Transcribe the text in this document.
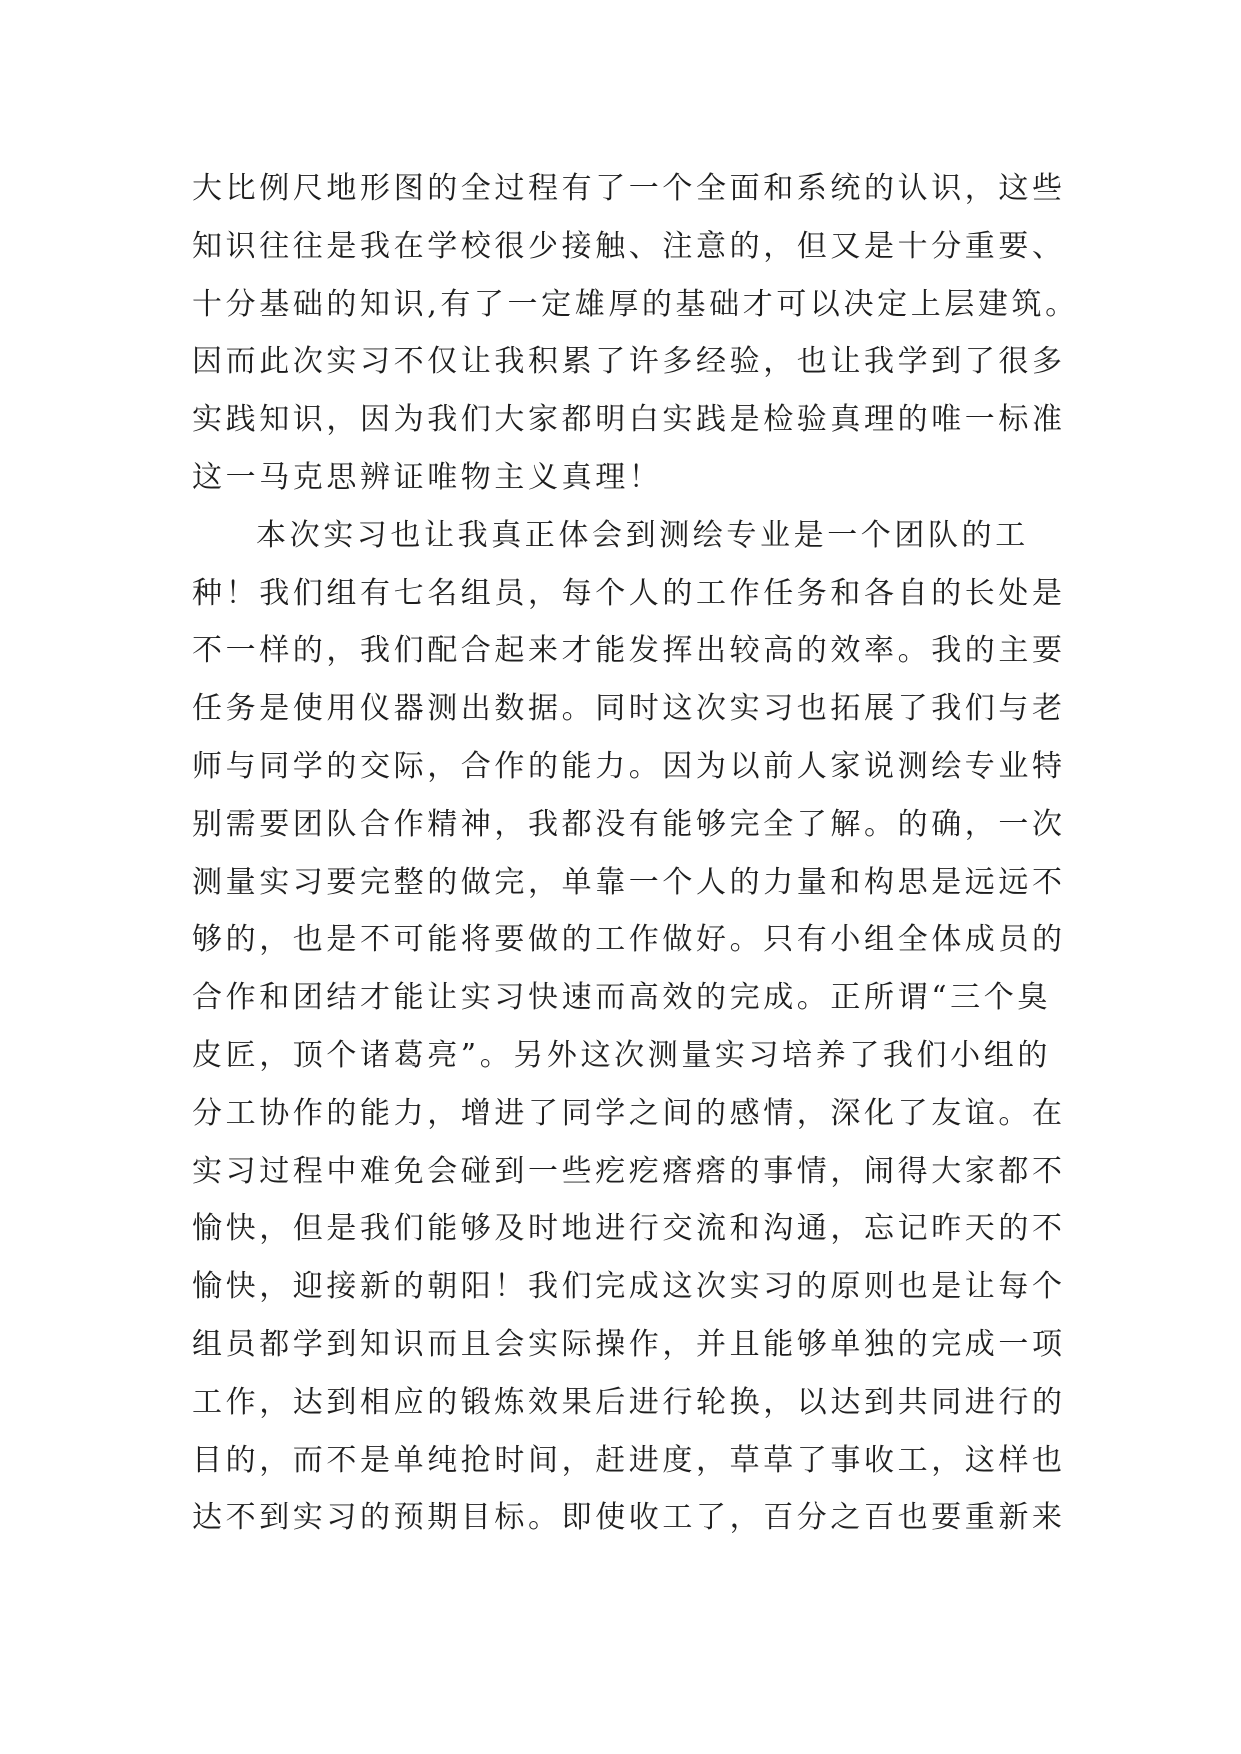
大比例尺地形图的全过程有了一个全面和系统的认识，这些
知识往往是我在学校很少接触、注意的，但又是十分重要、
十分基础的知识,有了一定雄厚的基础才可以决定上层建筑。
因而此次实习不仅让我积累了许多经验，也让我学到了很多
实践知识，因为我们大家都明白实践是检验真理的唯一标准
这一马克思辨证唯物主义真理！
本次实习也让我真正体会到测绘专业是一个团队的工
种！我们组有七名组员，每个人的工作任务和各自的长处是
不一样的，我们配合起来才能发挥出较高的效率。我的主要
任务是使用仪器测出数据。同时这次实习也拓展了我们与老
师与同学的交际，合作的能力。因为以前人家说测绘专业特
别需要团队合作精神，我都没有能够完全了解。的确，一次
测量实习要完整的做完，单靠一个人的力量和构思是远远不
够的，也是不可能将要做的工作做好。只有小组全体成员的
合作和团结才能让实习快速而高效的完成。正所谓“三个臭
皮匠，顶个诸葛亮”。另外这次测量实习培养了我们小组的
分工协作的能力，增进了同学之间的感情，深化了友谊。在
实习过程中难免会碰到一些疙疙瘩瘩的事情，闹得大家都不
愉快，但是我们能够及时地进行交流和沟通，忘记昨天的不
愉快，迎接新的朝阳！我们完成这次实习的原则也是让每个
组员都学到知识而且会实际操作，并且能够单独的完成一项
工作，达到相应的锻炼效果后进行轮换，以达到共同进行的
目的，而不是单纯抢时间，赶进度，草草了事收工，这样也
达不到实习的预期目标。即使收工了，百分之百也要重新来
